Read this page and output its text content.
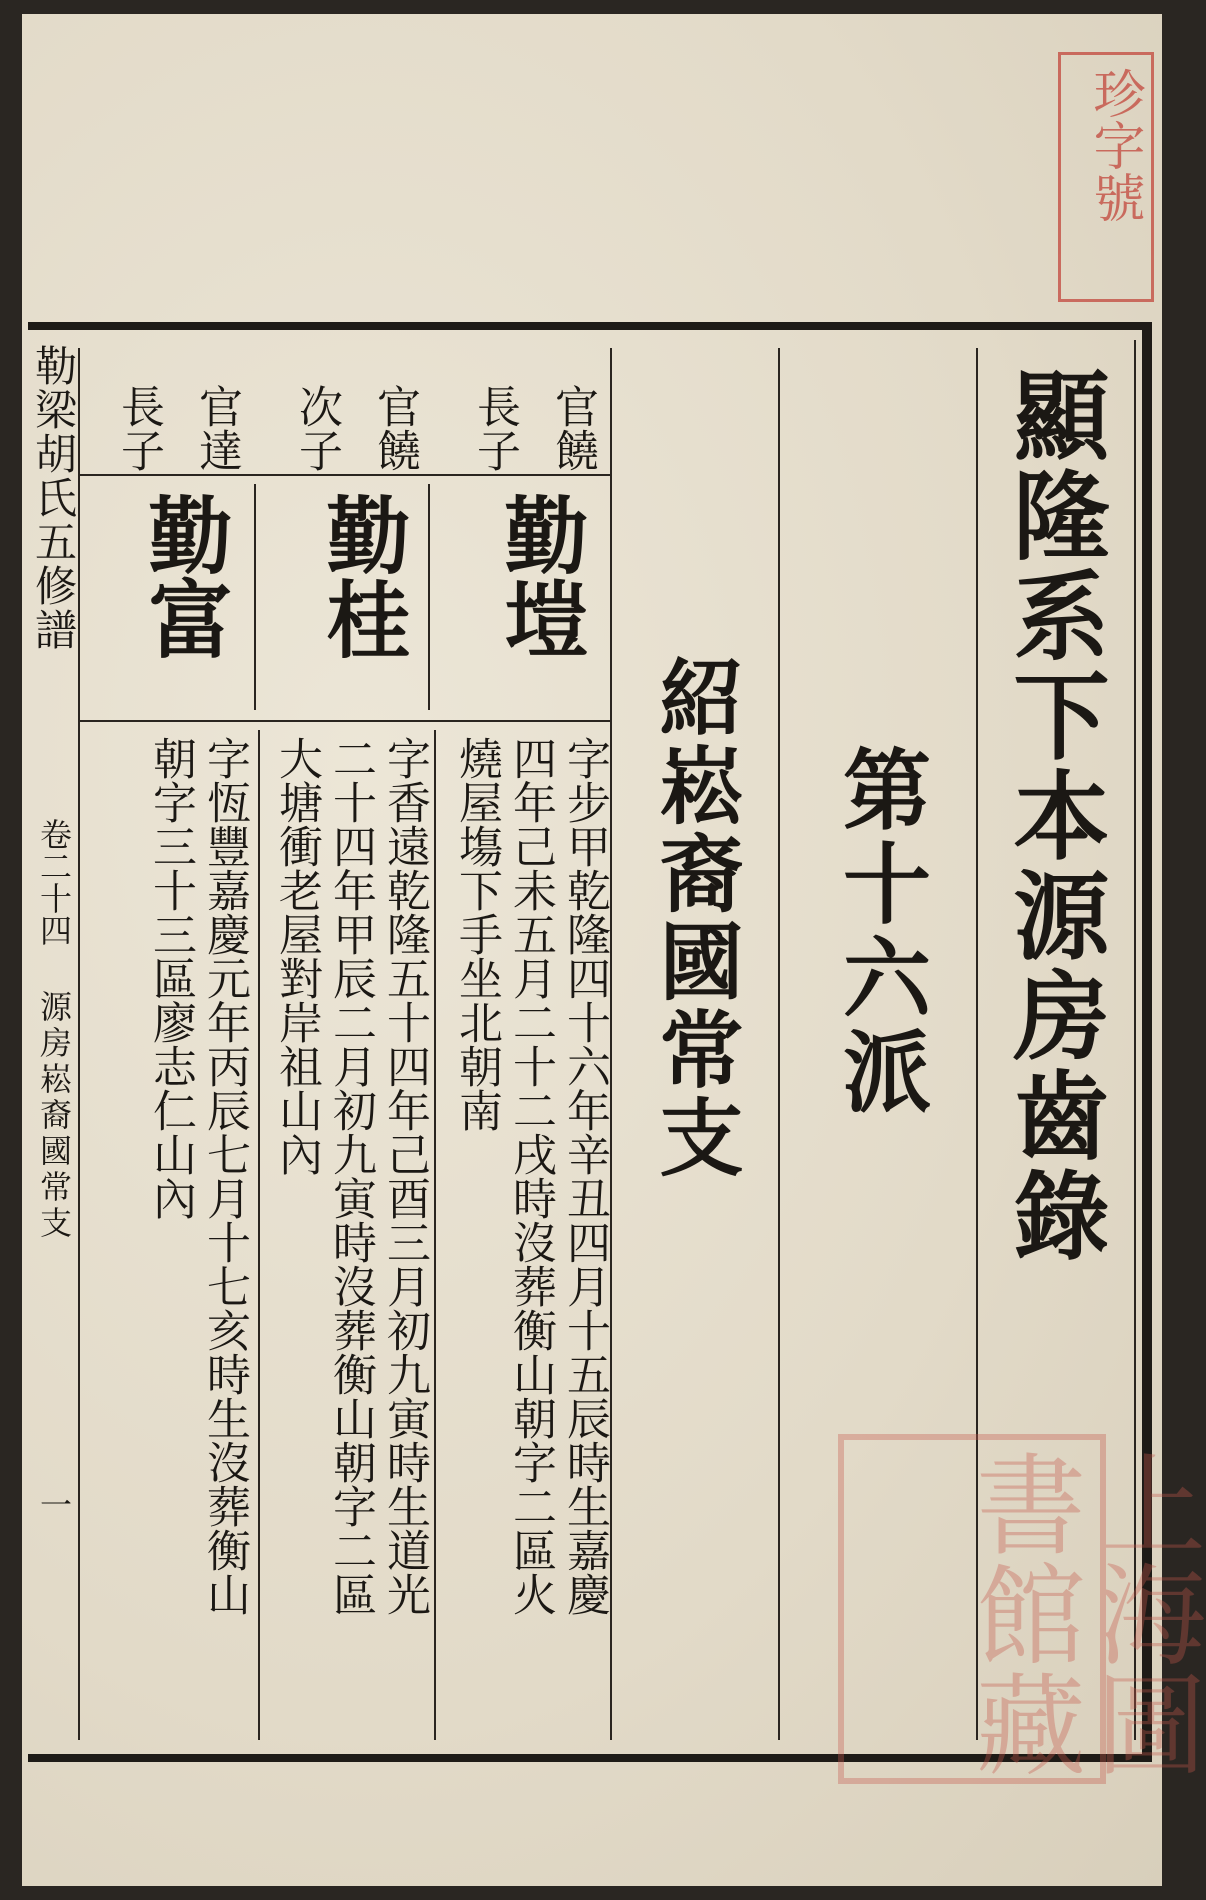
珍字號
顯隆系下本源房齒錄
第十六派
紹崧裔國常支
勒梁胡氏五修譜
卷二十四
源房崧裔國常支
一
官饒
長子
勤塏
字步甲乾隆四十六年辛丑四月十五辰時生嘉慶
四年己未五月二十二戌時沒葬衡山朝字二區火
燒屋塲下手坐北朝南
官饒
次子
勤桂
字香遠乾隆五十四年己酉三月初九寅時生道光
二十四年甲辰二月初九寅時沒葬衡山朝字二區
大塘衝老屋對岸祖山內
官達
長子
勤富
字恆豐嘉慶元年丙辰七月十七亥時生沒葬衡山
朝字三十三區廖志仁山內
上海圖書館藏
